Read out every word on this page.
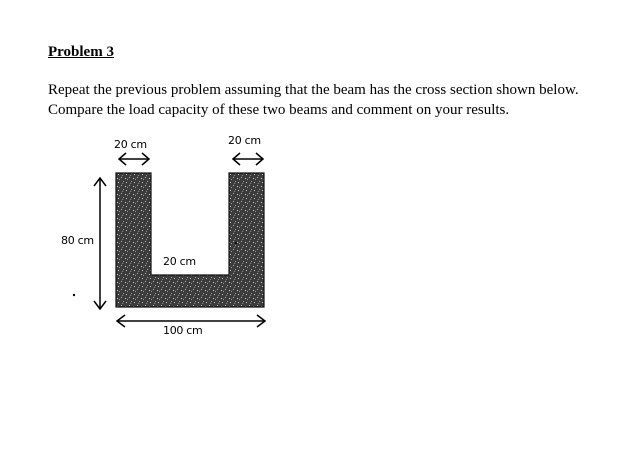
Problem 3

Repeat the previous problem assuming that the beam has the cross section shown below.
Compare the load capacity of these two beams and comment on your results.

20 cm	20 cm
80 cm
20 cm
100 cm
